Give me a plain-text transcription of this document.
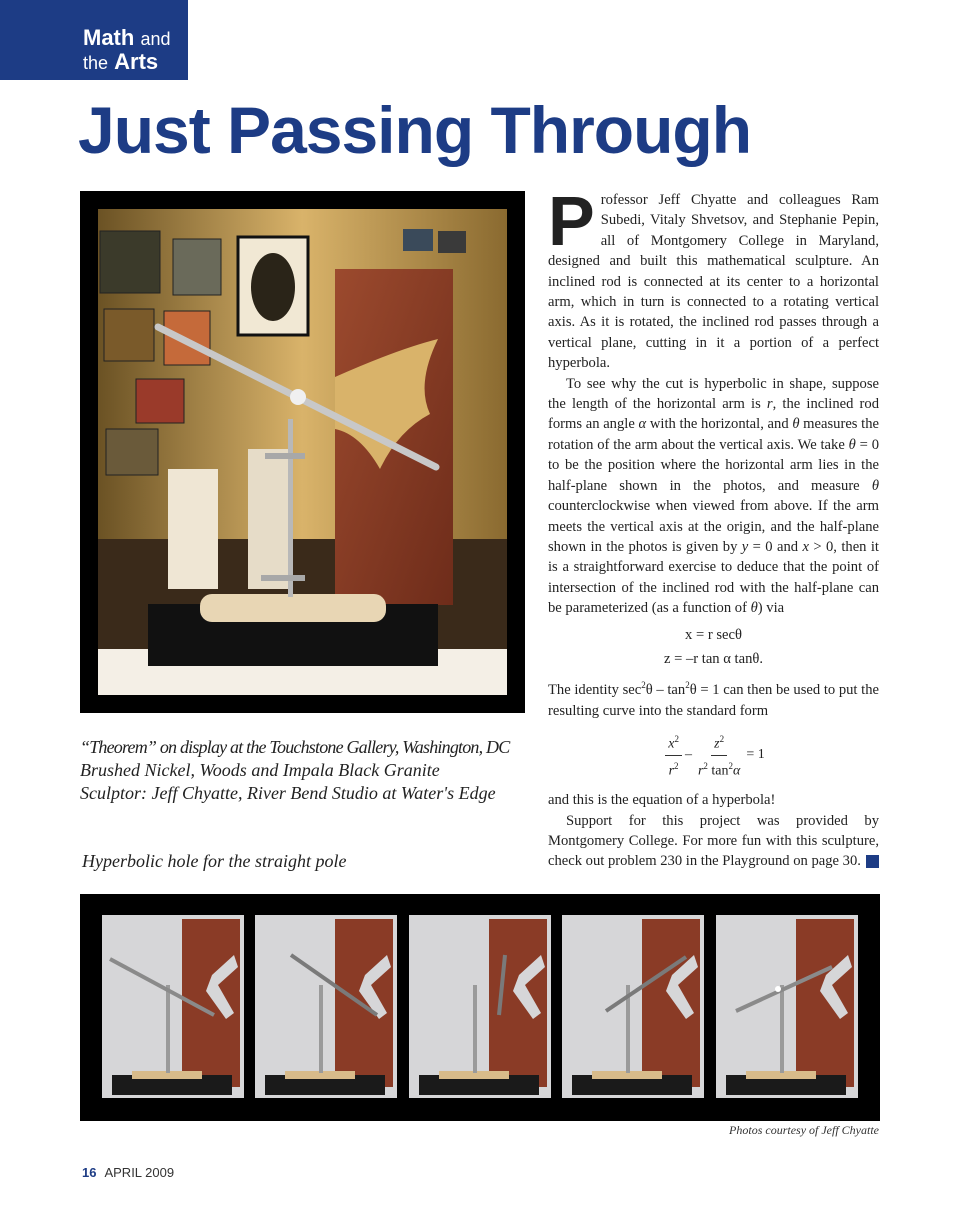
Math and
the Arts
Just Passing Through
“Theorem” on display at the Touchstone Gallery, Washington, DC
Brushed Nickel, Woods and Impala Black Granite
Sculptor: Jeff Chyatte, River Bend Studio at Water's Edge
Hyperbolic hole for the straight pole

Professor Jeff Chyatte and colleagues Ram Subedi, Vitaly Shvetsov, and Stephanie Pepin, all of Montgomery College in Maryland, designed and built this mathematical sculpture. An inclined rod is connected at its center to a horizontal arm, which in turn is connected to a rotating vertical axis. As it is rotated, the inclined rod passes through a vertical plane, cutting in it a portion of a perfect hyperbola.

To see why the cut is hyperbolic in shape, suppose the length of the horizontal arm is r, the inclined rod forms an angle α with the horizontal, and θ measures the rotation of the arm about the vertical axis. We take θ = 0 to be the position where the horizontal arm lies in the half-plane shown in the photos, and measure θ counterclockwise when viewed from above. If the arm meets the vertical axis at the origin, and the half-plane shown in the photos is given by y = 0 and x > 0, then it is a straightforward exercise to deduce that the point of intersection of the inclined rod with the half-plane can be parameterized (as a function of θ) via

x = r secθ
z = –r tan α tanθ.

The identity $\sec^2\theta - \tan^2\theta = 1$ can then be used to put the resulting curve into the standard form

$\frac{x^2}{r^2} - \frac{z^2}{r^2 \tan^2\alpha} = 1$

and this is the equation of a hyperbola!

Support for this project was provided by Montgomery College. For more fun with this sculpture, check out problem 230 in the Playground on page 30.

Photos courtesy of Jeff Chyatte
16 APRIL 2009
